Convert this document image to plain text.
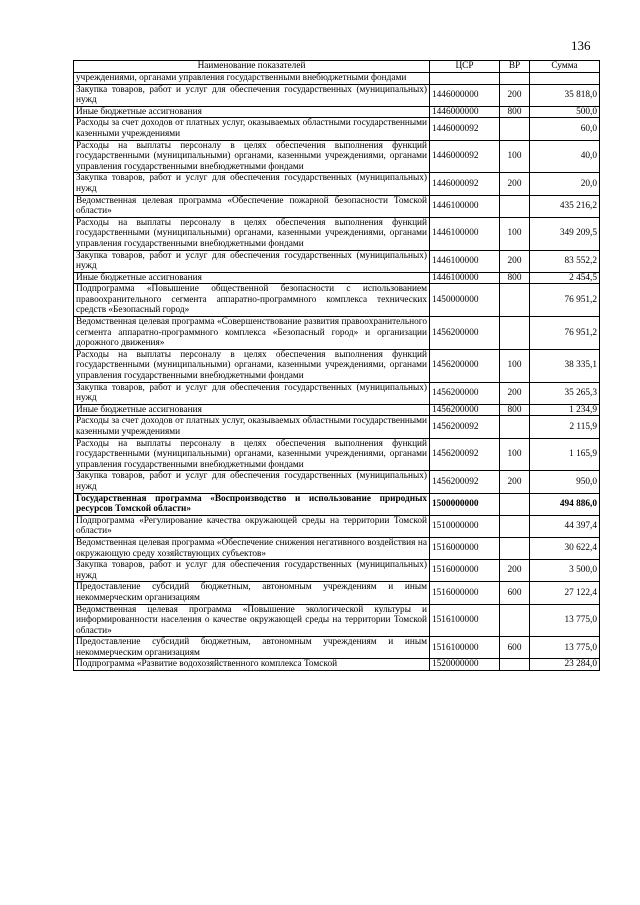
136
Наименование показателей	ЦСР	ВР	Сумма
учреждениями, органами управления государственными внебюджетными фондами			
Закупка товаров, работ и услуг для обеспечения государственных (муниципальных) нужд	1446000000	200	35 818,0
Иные бюджетные ассигнования	1446000000	800	500,0
Расходы за счет доходов от платных услуг, оказываемых областными государственными казенными учреждениями	1446000092		60,0
Расходы на выплаты персоналу в целях обеспечения выполнения функций государственными (муниципальными) органами, казенными учреждениями, органами управления государственными внебюджетными фондами	1446000092	100	40,0
Закупка товаров, работ и услуг для обеспечения государственных (муниципальных) нужд	1446000092	200	20,0
Ведомственная целевая программа «Обеспечение пожарной безопасности Томской области»	1446100000		435 216,2
Расходы на выплаты персоналу в целях обеспечения выполнения функций государственными (муниципальными) органами, казенными учреждениями, органами управления государственными внебюджетными фондами	1446100000	100	349 209,5
Закупка товаров, работ и услуг для обеспечения государственных (муниципальных) нужд	1446100000	200	83 552,2
Иные бюджетные ассигнования	1446100000	800	2 454,5
Подпрограмма «Повышение общественной безопасности с использованием правоохранительного сегмента аппаратно-программного комплекса технических средств «Безопасный город»	1450000000		76 951,2
Ведомственная целевая программа «Совершенствование развития правоохранительного сегмента аппаратно-программного комплекса «Безопасный город» и организации дорожного движения»	1456200000		76 951,2
Расходы на выплаты персоналу в целях обеспечения выполнения функций государственными (муниципальными) органами, казенными учреждениями, органами управления государственными внебюджетными фондами	1456200000	100	38 335,1
Закупка товаров, работ и услуг для обеспечения государственных (муниципальных) нужд	1456200000	200	35 265,3
Иные бюджетные ассигнования	1456200000	800	1 234,9
Расходы за счет доходов от платных услуг, оказываемых областными государственными казенными учреждениями	1456200092		2 115,9
Расходы на выплаты персоналу в целях обеспечения выполнения функций государственными (муниципальными) органами, казенными учреждениями, органами управления государственными внебюджетными фондами	1456200092	100	1 165,9
Закупка товаров, работ и услуг для обеспечения государственных (муниципальных) нужд	1456200092	200	950,0
Государственная программа «Воспроизводство и использование природных ресурсов Томской области»	1500000000		494 886,0
Подпрограмма «Регулирование качества окружающей среды на территории Томской области»	1510000000		44 397,4
Ведомственная целевая программа «Обеспечение снижения негативного воздействия на окружающую среду хозяйствующих субъектов»	1516000000		30 622,4
Закупка товаров, работ и услуг для обеспечения государственных (муниципальных) нужд	1516000000	200	3 500,0
Предоставление субсидий бюджетным, автономным учреждениям и иным некоммерческим организациям	1516000000	600	27 122,4
Ведомственная целевая программа «Повышение экологической культуры и информированности населения о качестве окружающей среды на территории Томской области»	1516100000		13 775,0
Предоставление субсидий бюджетным, автономным учреждениям и иным некоммерческим организациям	1516100000	600	13 775,0
Подпрограмма «Развитие водохозяйственного комплекса Томской	1520000000		23 284,0
